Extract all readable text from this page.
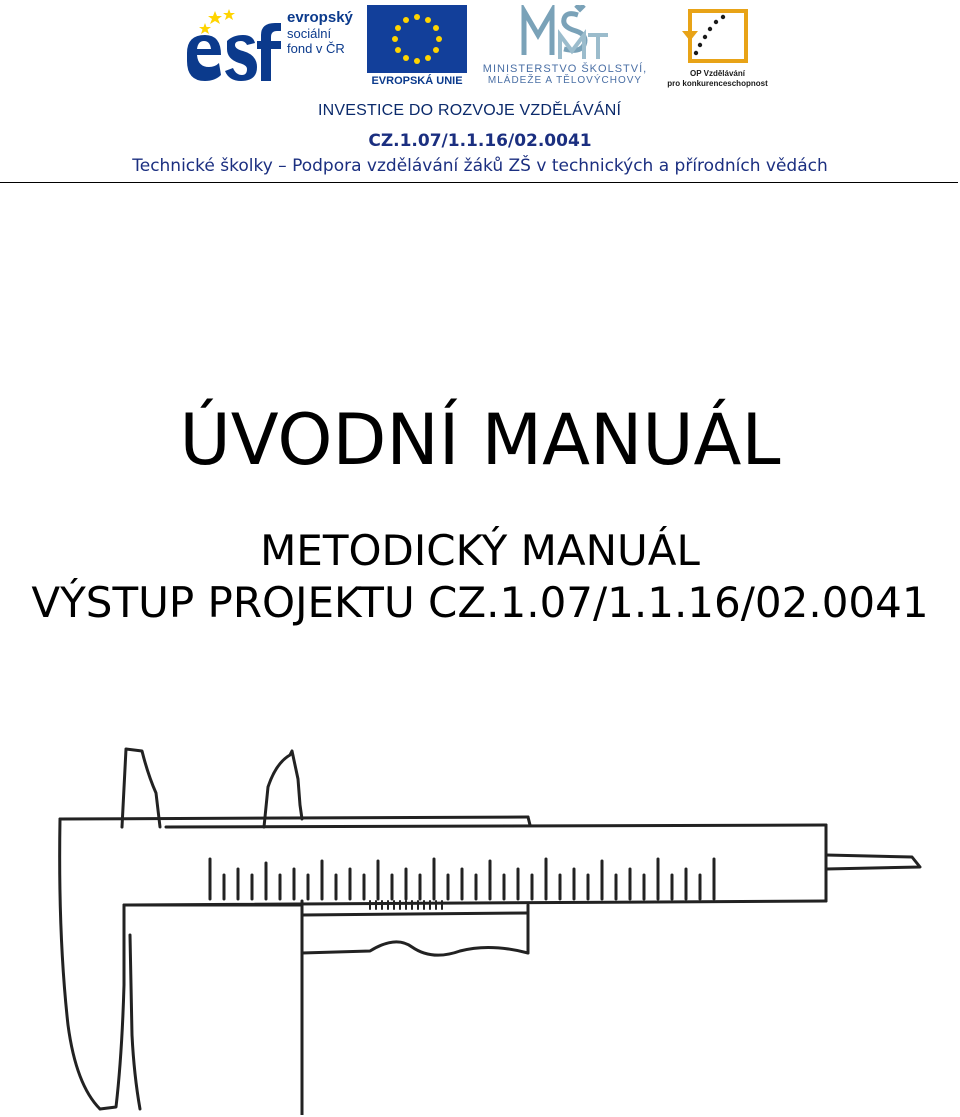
evropský
sociální
fond v ČR
EVROPSKÁ UNIE
MINISTERSTVO ŠKOLSTVÍ,
MLÁDEŽE A TĚLOVÝCHOVY
OP Vzdělávání
pro konkurenceschopnost
INVESTICE DO ROZVOJE VZDĚLÁVÁNÍ
CZ.1.07/1.1.16/02.0041
Technické školky – Podpora vzdělávání žáků ZŠ v technických a přírodních vědách
ÚVODNÍ MANUÁL
METODICKÝ MANUÁL
VÝSTUP PROJEKTU CZ.1.07/1.1.16/02.0041
